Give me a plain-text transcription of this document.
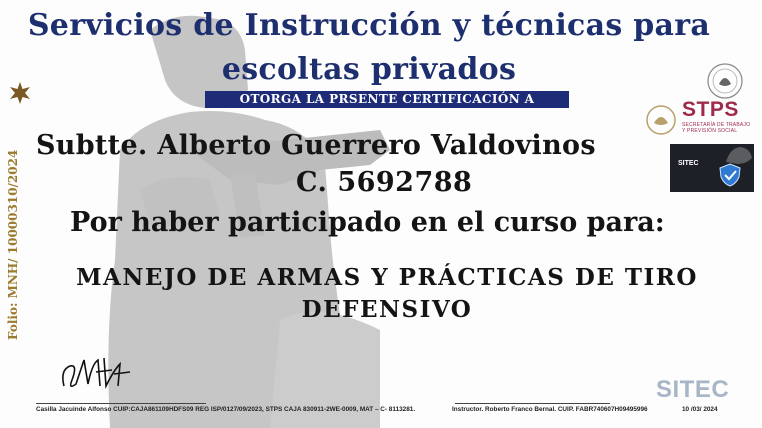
Servicios de Instrucción y técnicas para
escoltas privados
OTORGA LA PRSENTE CERTIFICACIÓN A
Subtte. Alberto Guerrero Valdovinos
C. 5692788
Por haber participado en el curso para:
MANEJO DE ARMAS Y PRÁCTICAS DE TIRO
DEFENSIVO
Folio: MNH/ 10000310/2024
STPS
SECRETARÍA DE TRABAJO
Y PREVISIÓN SOCIAL
SITEC
Casilla Jacuinde Alfonso CUIP:CAJA861109HDFS09 REG ISP/0127/09/2023, STPS CAJA 830911-2WE-0009, MAT – C- 8113281.	Instructor. Roberto Franco Bernal. CUIP. FABR740607H09495996	10 /03/ 2024
SITEC
